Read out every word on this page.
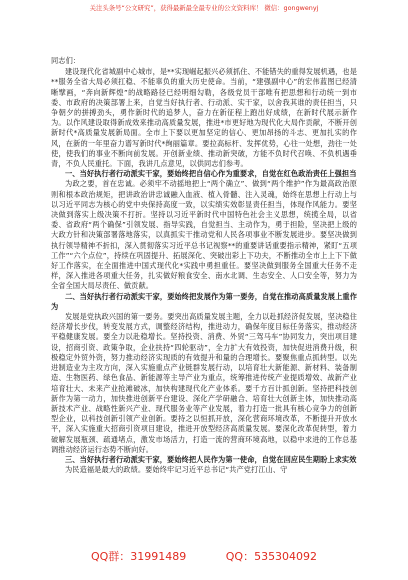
关注头条号“公文研究”，获得最新最全最专业的公文资料库！ 微信：gongwenyj

同志们：

建设现代化省城副中心城市，是**实现崛起振兴必须抓住、不能错失的重得发展机遇，也是**服务全省大局必须扛稳、不能辜负的重大历史使命。当前，“建强副中心”的宏伟蓝图已经清晰擘画，“奔向新辉煌”的战略路径已经明细勾勒，各级党员干部唯有把思想和行动统一到市委、市政府的决策部署上来，自觉当好执行者、行动派、实干家，以舍我其谁的责任担当，只争朝夕的拼搏劲头，勇作新时代的追梦人，奋力在新征程上跑出好成绩，在新时代展示新作为。以作风建设取得新成效来推动高质量发展，推进*市更好地为现代化大局作贡献，不断开创新时代*高质量发展新局面。全市上下要以更加坚定的信心、更加昂扬的斗志、更加扎实的作风，在新的一年里奋力谱写新时代*绚丽篇章。要拉高标杆、发挥优势，心往一处想，劲往一处使，使我们的事业不断向前发展。开创新业绩、推动新突破，方能不负时代召唤、不负机遇垂青，不负人民重托。下面，我讲几点意见，以供同志们参考。

一、当好执行者行动派实干家，要始终把自信心作为重要求，自觉在红色政治责任上强担当

为政之要，首在忠诚。必须牢不动摇地把上“两个确立”、做到“两个维护”作为最高政治原则和根本政治规矩，把讲政治讲忠诚融入血液、植入骨髓、注入灵魂，始终在思想上行动上与以习近平同志为核心的党中央保持高度一致，以实绩实效彰显责任担当，体现作风能力。要坚决做到落实上级决策不打折。坚持以习近平新时代中国特色社会主义思想，统揽全局，以省委、省政府“两个确保”引领发展、指导实践，自觉担当、主动作为，勇于担险，坚决把上级的大政方针和决策部署落地落实，以真抓实干推动党和人民各项事业不断发展进步。要坚决做到执行领导精神不折扣，深入贯彻落实习近平总书记视察**的重要讲话重要指示精神，紧盯“五项工作”“六个点位”，持续在巩固提升、拓展深化、突破出彩上下功夫，不断推动全市上上下下做好工作落实，在全面推进中国式现代化*实践中勇担重任。要坚决做到服务全国重大任务不走样，深入推进各项重大任务，扎实做好粮食安全、南水北调、生态安全、人口安全等，努力为全省全国大局尽责任、做贡献。

二、当好执行者行动派实干家，要始终把发展作为第一要务，自觉在推动高质量发展上重作为

发展是党执政兴国的第一要务。要突出高质量发展主题，全力以赴抓经济促发展，坚决稳住经济增长步伐，转变发展方式，调整经济结构，推进动力，确保年度目标任务落实，推动经济平稳健康发展。要全力以赴稳增长。坚持投资、消费、外贸“三驾马车”协同发力，突出项目建设，招商引资、政策争取，企业扶持“四轮驱动”，全力扩大有效投资，加快促进消费升级，积极稳定外贸外资，努力推动经济实现质的有效提升和量的合理增长。要聚焦重点抓转型。以先进制造业为主攻方向，深入实施重点产业链群发展行动，以培育壮大新能源、新材料、装备制造、生物医药、绿色食品、新能源等主导产业为重点，统筹推进传统产业提质增效、战新产业培育壮大、未来产业抢滩破冰，加快构建现代化产业体系。要千方百计抓创新。坚持把科技创新作为第一动力，加快推进创新平台建设、深化产学研融合、培育壮大创新主体，加快推动高新技术产业、战略性新兴产业、现代服务业等产业发展，着力打造一批具有核心竞争力的创新型企业，以科技创新引领产业创新。要持之以恒抓开放，深化营商环境改革，不断提升开放水平，深入实施重大招商引资项目建设，推进开放型经济高质量发展。要深化改革促转型，着力破解发展瓶颈、疏通堵点，激发市场活力，打造一流的营商环境高地，以稳中求进的工作总基调推动经济运行态势不断向好。

三、当好执行者行动派实干家，要始终把人民作为第一使命，自觉在回应民生期盼上求实效

为民造福是最大的政绩。要始终牢记习近平总书记“共产党打江山、守

QQ群：31991489	QQ：535304092
